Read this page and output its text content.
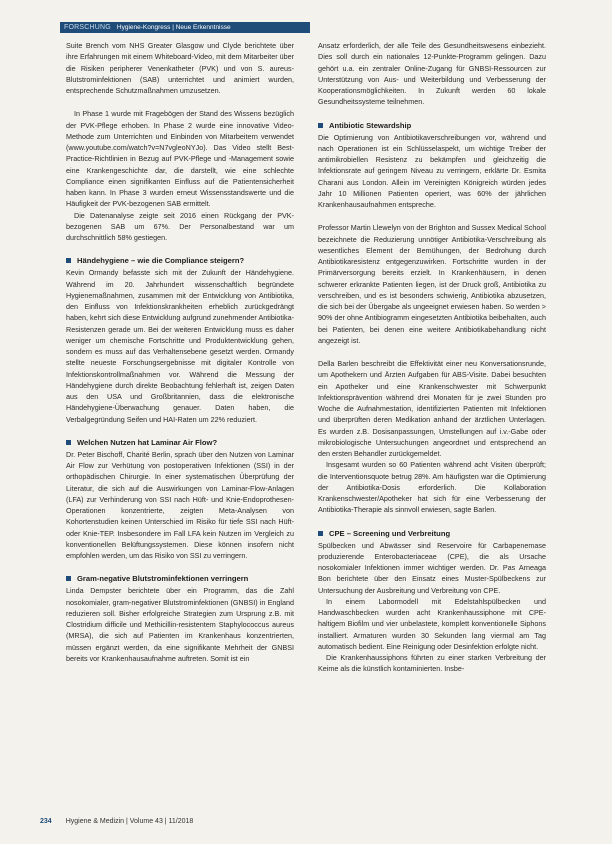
FORSCHUNG Hygiene-Kongress | Neue Erkenntnisse

Suite Brench vom NHS Greater Glasgow und Clyde berichtete über ihre Erfahrungen mit einem Whiteboard-Video, mit dem Mitarbeiter über die Risiken peripherer Venenkatheter (PVK) und von S. aureus-Blutstrominfektionen (SAB) unterrichtet und animiert wurden, entsprechende Schutzmaßnahmen umzusetzen.

In Phase 1 wurde mit Fragebögen der Stand des Wissens bezüglich der PVK-Pflege erhoben. In Phase 2 wurde eine innovative Video-Methode zum Unterrichten und Einbinden von Mitarbeitern verwendet (www.youtube.com/watch?v=N7vgleoNYJo). Das Video stellt Best-Practice-Richtlinien in Bezug auf PVK-Pflege und -Management sowie eine Krankengeschichte dar, die darstellt, wie eine schlechte Compliance einen signifikanten Einfluss auf die Patientensicherheit haben kann. In Phase 3 wurden erneut Wissensstandswerte und die Häufigkeit der PVK-bezogenen SAB ermittelt.

Die Datenanalyse zeigte seit 2016 einen Rückgang der PVK-bezogenen SAB um 67%. Der Personalbestand war um durchschnittlich 58% gestiegen.

Händehygiene – wie die Compliance steigern?

Kevin Ormandy befasste sich mit der Zukunft der Händehygiene. Während im 20. Jahrhundert wissenschaftlich begründete Hygienemaßnahmen, zusammen mit der Entwicklung von Antibiotika, den Einfluss von Infektionskrankheiten erheblich zurückgedrängt haben, kehrt sich diese Entwicklung aufgrund zunehmender Antibiotika-Resistenzen gerade um. Bei der weiteren Entwicklung muss es daher weniger um chemische Fortschritte und Produktentwicklung gehen, sondern es muss auf das Verhaltensebene gesetzt werden. Ormandy stellte neueste Forschungsergebnisse mit digitaler Kontrolle von Infektionskontrollmaßnahmen vor. Während die Messung der Händehygiene durch direkte Beobachtung fehlerhaft ist, zeigen Daten aus den USA und Großbritannien, dass die elektronische Händehygiene-Überwachung genauer. Daten haben, die Verbalgegründung Seifen und HAI-Raten um 22% reduziert.

Welchen Nutzen hat Laminar Air Flow?

Dr. Peter Bischoff, Charité Berlin, sprach über den Nutzen von Laminar Air Flow zur Verhütung von postoperativen Infektionen (SSI) in der orthopädischen Chirurgie. In einer systematischen Überprüfung der Literatur, die sich auf die Auswirkungen von Laminar-Flow-Anlagen (LFA) zur Verhinderung von SSI nach Hüft- und Knie-Endoprothesen-Operationen konzentrierte, zeigten Meta-Analysen von Kohortenstudien keinen Unterschied im Risiko für tiefe SSI nach Hüft- oder Knie-TEP. Insbesondere im Fall LFA kein Nutzen im Vergleich zu konventionellen Belüftungssystemen. Diese können insofern nicht empfohlen werden, um das Risiko von SSI zu verringern.

Gram-negative Blutstrominfektionen verringern

Linda Dempster berichtete über ein Programm, das die Zahl nosokomialer, gram-negativer Blutstrominfektionen (GNBSI) in England reduzieren soll. Bisher erfolgreiche Strategien zum Ursprung z.B. mit Clostridium difficile und Methicillin-resistentem Staphylococcus aureus (MRSA), die sich auf Patienten im Krankenhaus konzentrierten, müssen ergänzt werden, da eine signifikante Mehrheit der GNBSI bereits vor Krankenhausaufnahme auftreten. Somit ist ein

Ansatz erforderlich, der alle Teile des Gesundheitswesens einbezieht. Dies soll durch ein nationales 12-Punkte-Programm gelingen. Dazu gehört u.a. ein zentraler Online-Zugang für GNBSI-Ressourcen zur Unterstützung von Aus- und Weiterbildung und Verbesserung der Kooperationsmöglichkeiten. In Zukunft werden 60 lokale Gesundheitssysteme teilnehmen.

Antibiotic Stewardship

Die Optimierung von Antibiotikaverschreibungen vor, während und nach Operationen ist ein Schlüsselaspekt, um wichtige Treiber der antimikrobiellen Resistenz zu bekämpfen und gleichzeitig die Infektionsrate auf geringem Niveau zu verringern, erklärte Dr. Esmita Charani aus London. Allein im Vereinigten Königreich würden jedes Jahr 10 Millionen Patienten operiert, was 60% der jährlichen Krankenhausaufnahmen entspreche.

Professor Martin Llewelyn von der Brighton and Sussex Medical School bezeichnete die Reduzierung unnötiger Antibiotika-Verschreibung als wesentliches Element der Bemühungen, der Bedrohung durch Antibiotikaresistenz entgegenzuwirken. Fortschritte wurden in der Primärversorgung bereits erzielt. In Krankenhäusern, in denen schwerer erkrankte Patienten liegen, ist der Druck groß, Antibiotika zu verschreiben, und es ist besonders schwierig, Antibiotika abzusetzen, die sich bei der Übergabe als ungeeignet erwiesen haben. So werden > 90% der ohne Antibiogramm eingesetzten Antibiotika beibehalten, auch bei Patienten, bei denen eine weitere Antibiotikabehandlung nicht angezeigt ist.

Della Barlen beschreibt die Effektivität einer neu Konversationsrunde, um Apothekern und Ärzten Aufgaben für ABS-Visite. Dabei besuchten ein Apotheker und eine Krankenschwester mit Schwerpunkt Infektionsprävention während drei Monaten für je zwei Stunden pro Woche die Aufnahmestation, identifizierten Patienten mit Infektionen und überprüften deren Medikation anhand der ärztlichen Unterlagen. Es wurden z.B. Dosisanpassungen, Umstellungen auf i.v.-Gabe oder mikrobiologische Untersuchungen angeordnet und entsprechend an den ersten Behandler zurückgemeldet.

Insgesamt wurden so 60 Patienten während acht Visiten überprüft; die Interventionsquote betrug 28%. Am häufigsten war die Optimierung der Antibiotika-Dosis erforderlich. Die Kollaboration Krankenschwester/Apotheker hat sich für eine Verbesserung der Antibiotika-Therapie als sinnvoll erwiesen, sagte Barlen.

CPE – Screening und Verbreitung

Spülbecken und Abwässer sind Reservoire für Carbapenemase produzierende Enterobacteriaceae (CPE), die als Ursache nosokomialer Infektionen immer wichtiger werden. Dr. Pas Arneaga Bon berichtete über den Einsatz eines Muster-Spülbeckens zur Untersuchung der Ausbreitung und Verbreitung von CPE.

In einem Labormodell mit Edelstahlspülbecken und Handwaschbecken wurden acht Krankenhaussiphone mit CPE-haltigem Biofilm und vier unbelastete, komplett konventionelle Siphons installiert. Armaturen wurden 30 Sekunden lang viermal am Tag automatisch bedient. Eine Reinigung oder Desinfektion erfolgte nicht.

Die Krankenhaussiphons führten zu einer starken Verbreitung der Keime als die künstlich kontaminierten. Insbe-

234 Hygiene & Medizin | Volume 43 | 11/2018
